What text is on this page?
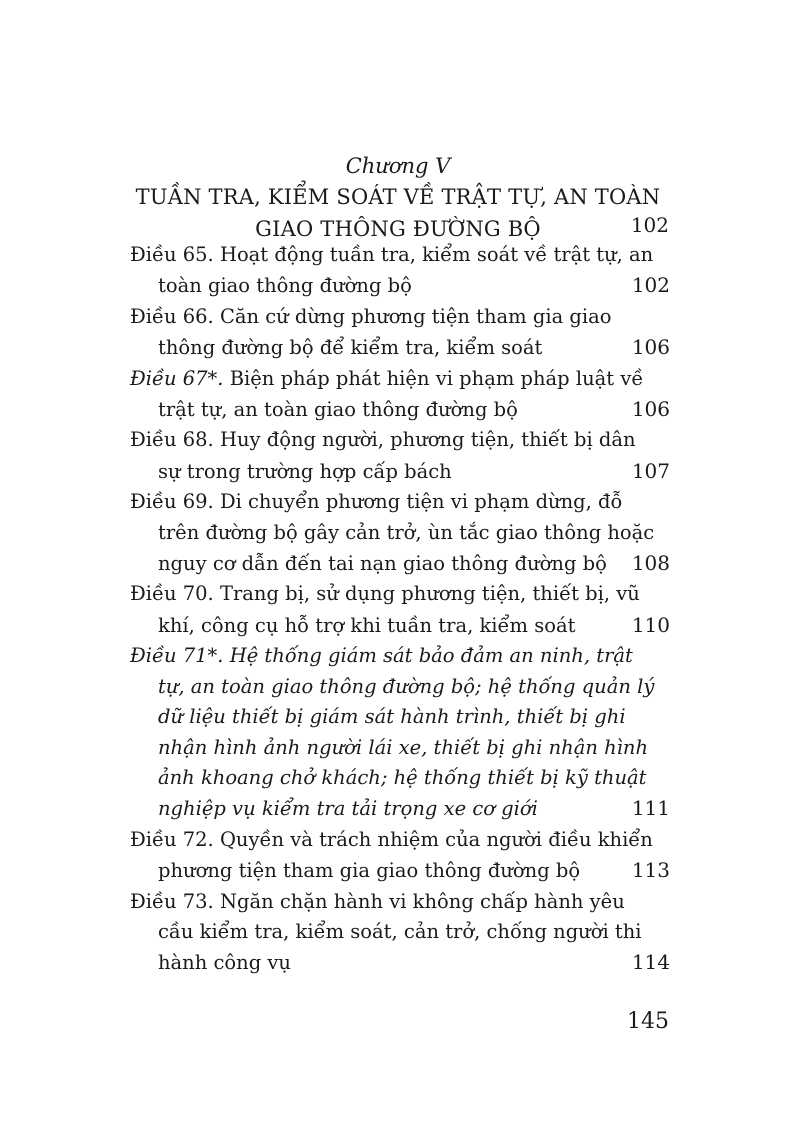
Chương V
TUẦN TRA, KIỂM SOÁT VỀ TRẬT TỰ, AN TOÀN
GIAO THÔNG ĐƯỜNG BỘ	102
Điều 65. Hoạt động tuần tra, kiểm soát về trật tự, an
toàn giao thông đường bộ	102
Điều 66. Căn cứ dừng phương tiện tham gia giao
thông đường bộ để kiểm tra, kiểm soát	106
Điều 67*. Biện pháp phát hiện vi phạm pháp luật về
trật tự, an toàn giao thông đường bộ	106
Điều 68. Huy động người, phương tiện, thiết bị dân
sự trong trường hợp cấp bách	107
Điều 69. Di chuyển phương tiện vi phạm dừng, đỗ
trên đường bộ gây cản trở, ùn tắc giao thông hoặc
nguy cơ dẫn đến tai nạn giao thông đường bộ	108
Điều 70. Trang bị, sử dụng phương tiện, thiết bị, vũ
khí, công cụ hỗ trợ khi tuần tra, kiểm soát	110
Điều 71*. Hệ thống giám sát bảo đảm an ninh, trật
tự, an toàn giao thông đường bộ; hệ thống quản lý
dữ liệu thiết bị giám sát hành trình, thiết bị ghi
nhận hình ảnh người lái xe, thiết bị ghi nhận hình
ảnh khoang chở khách; hệ thống thiết bị kỹ thuật
nghiệp vụ kiểm tra tải trọng xe cơ giới	111
Điều 72. Quyền và trách nhiệm của người điều khiển
phương tiện tham gia giao thông đường bộ	113
Điều 73. Ngăn chặn hành vi không chấp hành yêu
cầu kiểm tra, kiểm soát, cản trở, chống người thi
hành công vụ	114
145
